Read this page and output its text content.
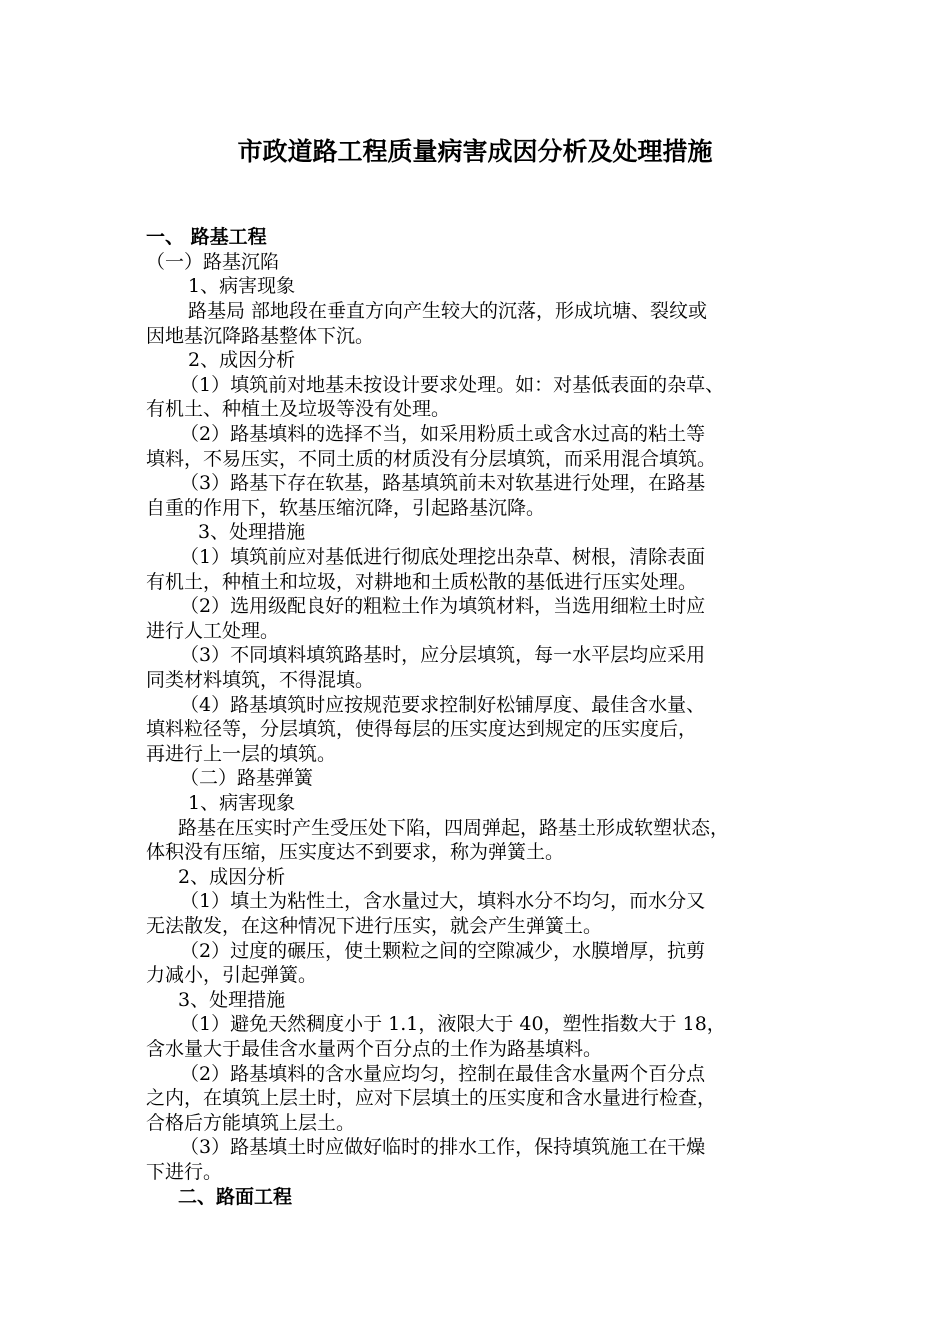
市政道路工程质量病害成因分析及处理措施
一、 路基工程
（一）路基沉陷
1、病害现象
路基局 部地段在垂直方向产生较大的沉落，形成坑塘、裂纹或
因地基沉降路基整体下沉。
2、成因分析
（1）填筑前对地基未按设计要求处理。如：对基低表面的杂草、
有机土、种植土及垃圾等没有处理。
（2）路基填料的选择不当，如采用粉质土或含水过高的粘土等
填料，不易压实，不同土质的材质没有分层填筑，而采用混合填筑。
（3）路基下存在软基，路基填筑前未对软基进行处理，在路基
自重的作用下，软基压缩沉降，引起路基沉降。
3、处理措施
（1）填筑前应对基低进行彻底处理挖出杂草、树根，清除表面
有机土，种植土和垃圾，对耕地和土质松散的基低进行压实处理。
（2）选用级配良好的粗粒土作为填筑材料，当选用细粒土时应
进行人工处理。
（3）不同填料填筑路基时，应分层填筑，每一水平层均应采用
同类材料填筑，不得混填。
（4）路基填筑时应按规范要求控制好松铺厚度、最佳含水量、
填料粒径等，分层填筑，使得每层的压实度达到规定的压实度后，
再进行上一层的填筑。
（二）路基弹簧
1、病害现象
路基在压实时产生受压处下陷，四周弹起，路基土形成软塑状态，
体积没有压缩，压实度达不到要求，称为弹簧土。
2、成因分析
（1）填土为粘性土，含水量过大，填料水分不均匀，而水分又
无法散发，在这种情况下进行压实，就会产生弹簧土。
（2）过度的碾压，使土颗粒之间的空隙减少，水膜增厚，抗剪
力减小，引起弹簧。
3、处理措施
（1）避免天然稠度小于 1.1，液限大于 40，塑性指数大于 18，
含水量大于最佳含水量两个百分点的土作为路基填料。
（2）路基填料的含水量应均匀，控制在最佳含水量两个百分点
之内，在填筑上层土时，应对下层填土的压实度和含水量进行检查，
合格后方能填筑上层土。
（3）路基填土时应做好临时的排水工作，保持填筑施工在干燥
下进行。
二、路面工程
